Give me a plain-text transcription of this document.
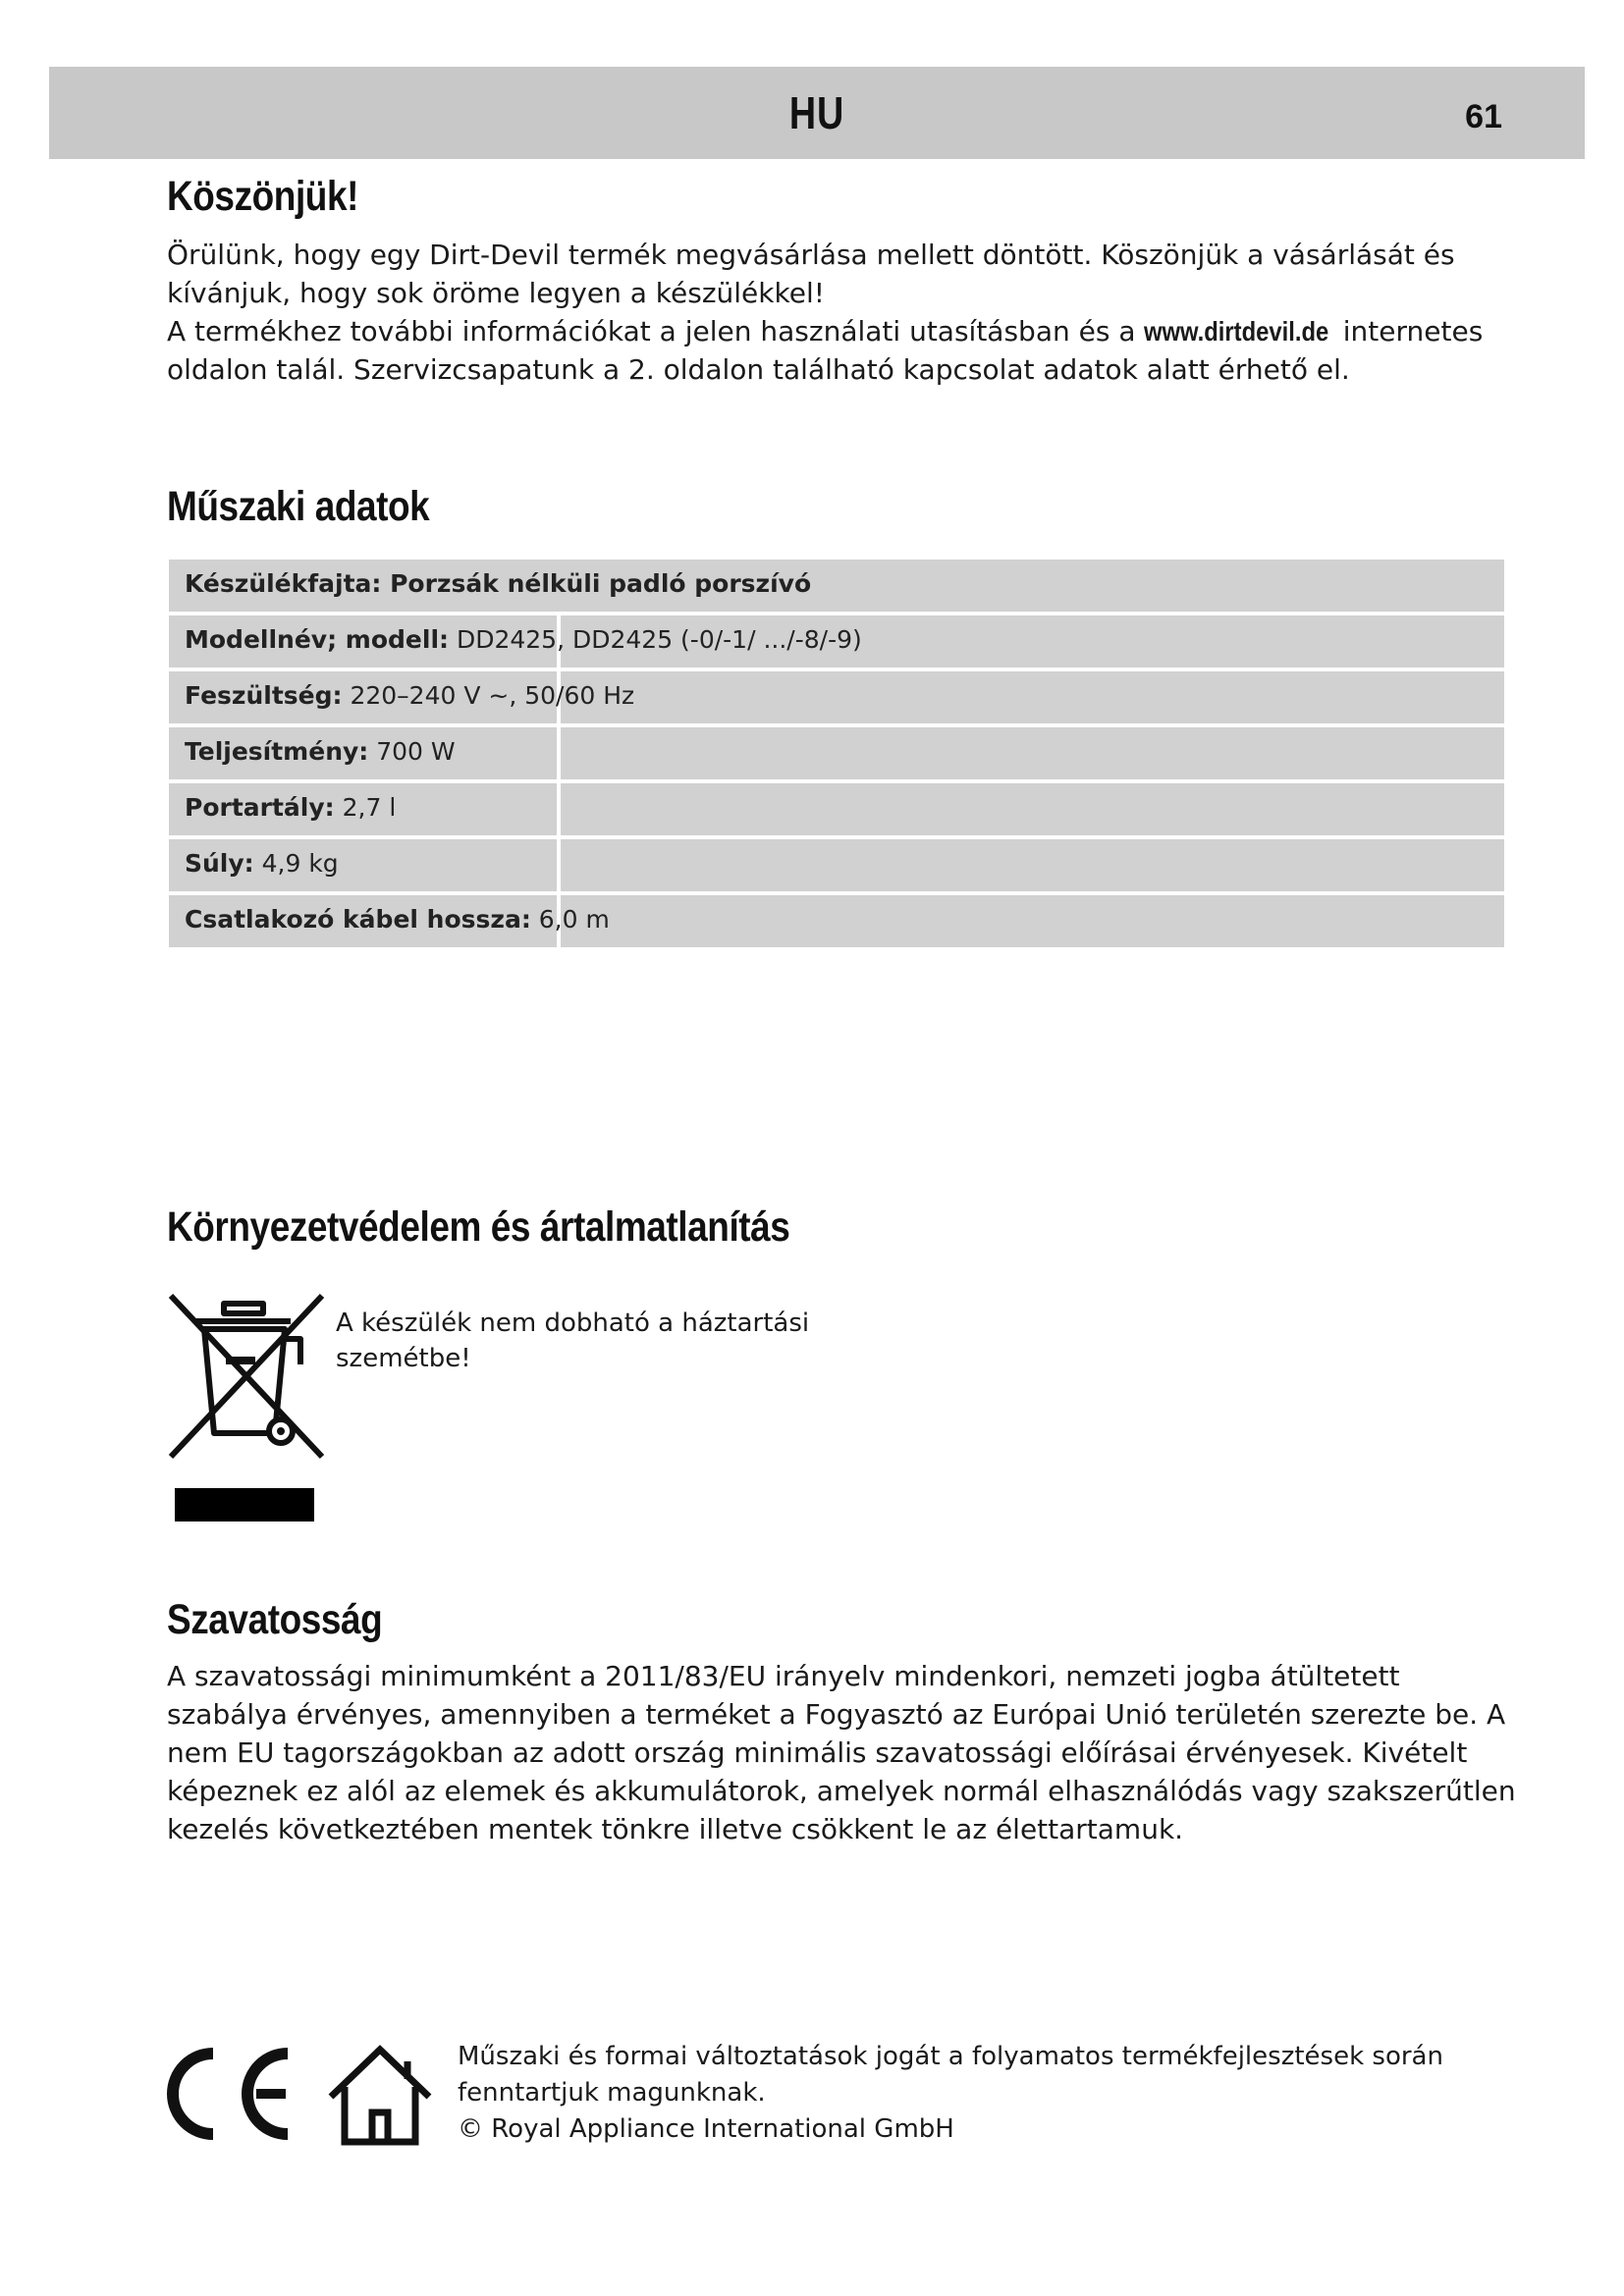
HU	61
Köszönjük!

Örülünk, hogy egy Dirt-Devil termék megvásárlása mellett döntött. Köszönjük a vásárlását és kívánjuk, hogy sok öröme legyen a készülékkel!
A termékhez további információkat a jelen használati utasításban és a www.dirtdevil.de internetes oldalon talál. Szervizcsapatunk a 2. oldalon található kapcsolat adatok alatt érhető el.

Műszaki adatok
Készülékfajta: Porzsák nélküli padló porszívó
Modellnév; modell: DD2425, DD2425 (-0/-1/ .../-8/-9)
Feszültség: 220–240 V ~, 50/60 Hz
Teljesítmény: 700 W
Portartály: 2,7 l
Súly: 4,9 kg
Csatlakozó kábel hossza: 6,0 m
Környezetvédelem és ártalmatlanítás
A készülék nem dobható a háztartási szemétbe!
Szavatosság

A szavatossági minimumként a 2011/83/EU irányelv mindenkori, nemzeti jogba átültetett szabálya érvényes, amennyiben a terméket a Fogyasztó az Európai Unió területén szerezte be. A nem EU tagországokban az adott ország minimális szavatossági előírásai érvényesek. Kivételt képeznek ez alól az elemek és akkumulátorok, amelyek normál elhasználódás vagy szakszerűtlen kezelés következtében mentek tönkre illetve csökkent le az élettartamuk.

Műszaki és formai változtatások jogát a folyamatos termékfejlesztések során fenntartjuk magunknak.
© Royal Appliance International GmbH
